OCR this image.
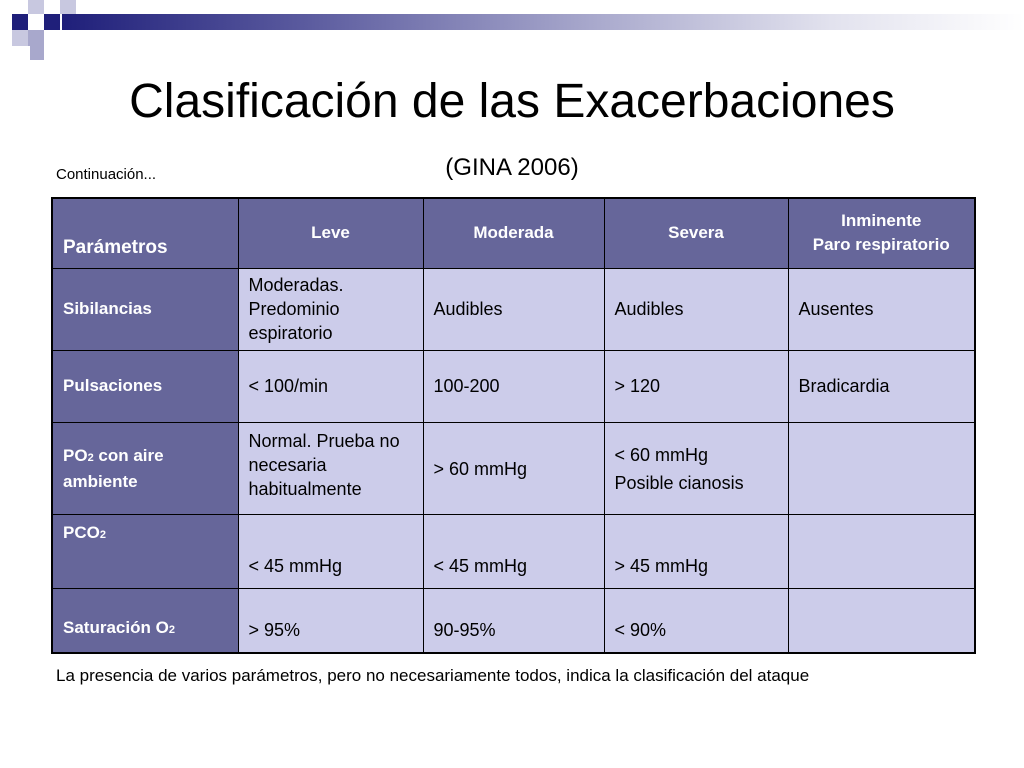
Clasificación de las Exacerbaciones
(GINA 2006)
Continuación...
Parámetros	Leve	Moderada	Severa	Inminente
Paro respiratorio

Sibilancias	Moderadas. Predominio espiratorio	Audibles	Audibles	Ausentes
Pulsaciones	< 100/min	100-200	> 120	Bradicardia
PO2 con aire ambiente	Normal. Prueba no necesaria habitualmente	> 60 mmHg	< 60 mmHg
Posible cianosis	

PCO2	< 45 mmHg	< 45 mmHg	> 45 mmHg	
Saturación O2	> 95%	90-95%	< 90%	
La presencia de varios parámetros, pero no necesariamente todos, indica la clasificación del ataque
